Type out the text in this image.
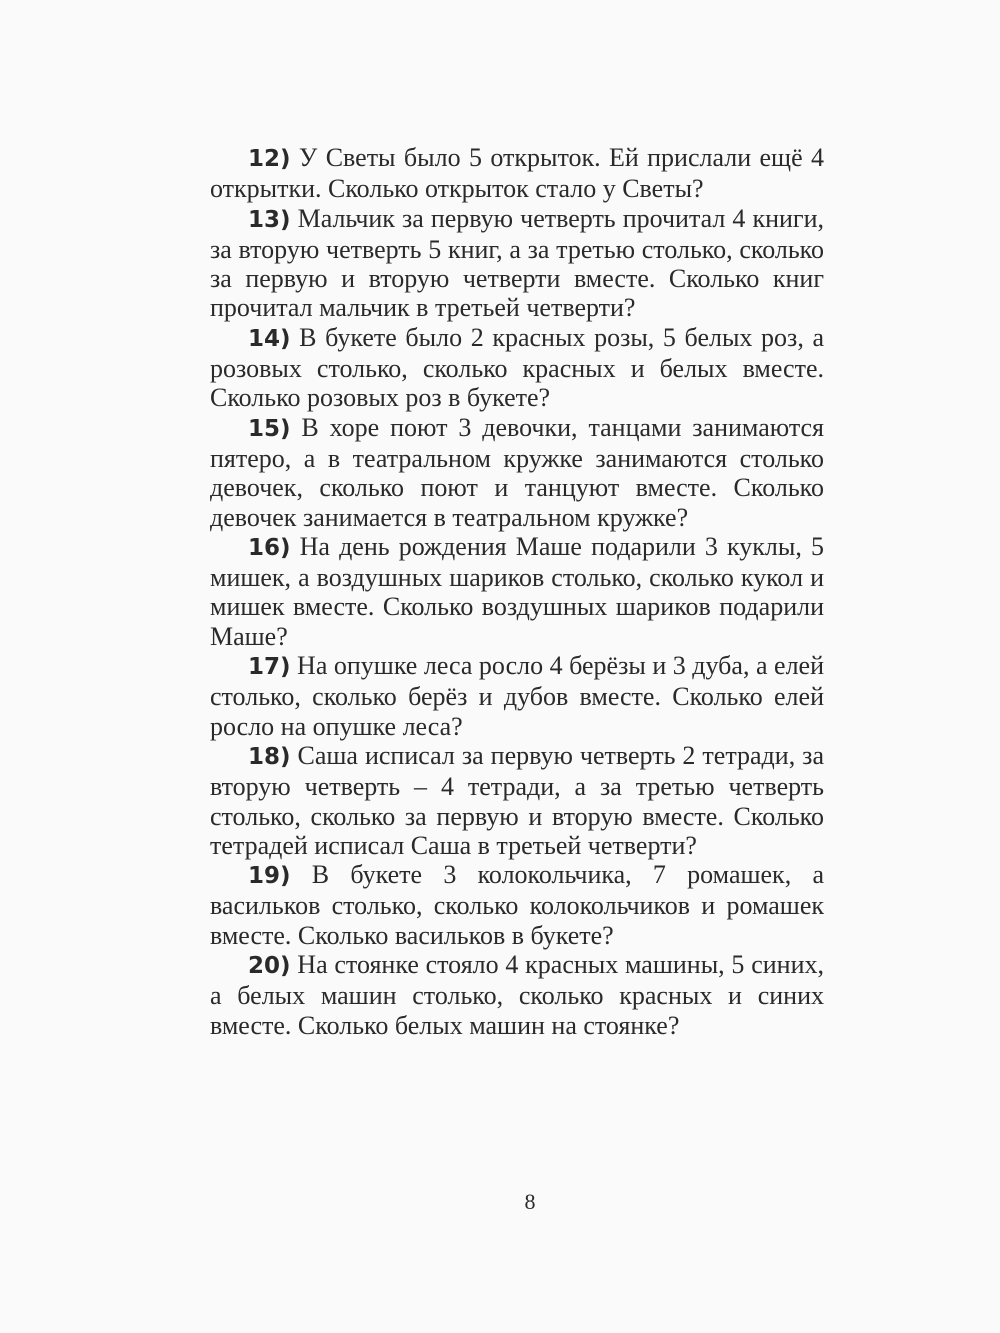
12) У Светы было 5 открыток. Ей прислали ещё 4 открытки. Сколько открыток стало у Светы?

13) Мальчик за первую четверть прочитал 4 книги, за вторую четверть 5 книг, а за третью столько, сколько за первую и вторую четверти вместе. Сколько книг прочитал мальчик в третьей четверти?

14) В букете было 2 красных розы, 5 белых роз, а розовых столько, сколько красных и белых вместе. Сколько розовых роз в букете?

15) В хоре поют 3 девочки, танцами занимаются пятеро, а в театральном кружке занимаются столько девочек, сколько поют и танцуют вместе. Сколько девочек занимается в театральном кружке?

16) На день рождения Маше подарили 3 куклы, 5 мишек, а воздушных шариков столько, сколько кукол и мишек вместе. Сколько воздушных шариков подарили Маше?

17) На опушке леса росло 4 берёзы и 3 дуба, а елей столько, сколько берёз и дубов вместе. Сколько елей росло на опушке леса?

18) Саша исписал за первую четверть 2 тетради, за вторую четверть – 4 тетради, а за третью четверть столько, сколько за первую и вторую вместе. Сколько тетрадей исписал Саша в третьей четверти?

19) В букете 3 колокольчика, 7 ромашек, а васильков столько, сколько колокольчиков и ромашек вместе. Сколько васильков в букете?

20) На стоянке стояло 4 красных машины, 5 синих, а белых машин столько, сколько красных и синих вместе. Сколько белых машин на стоянке?

8
